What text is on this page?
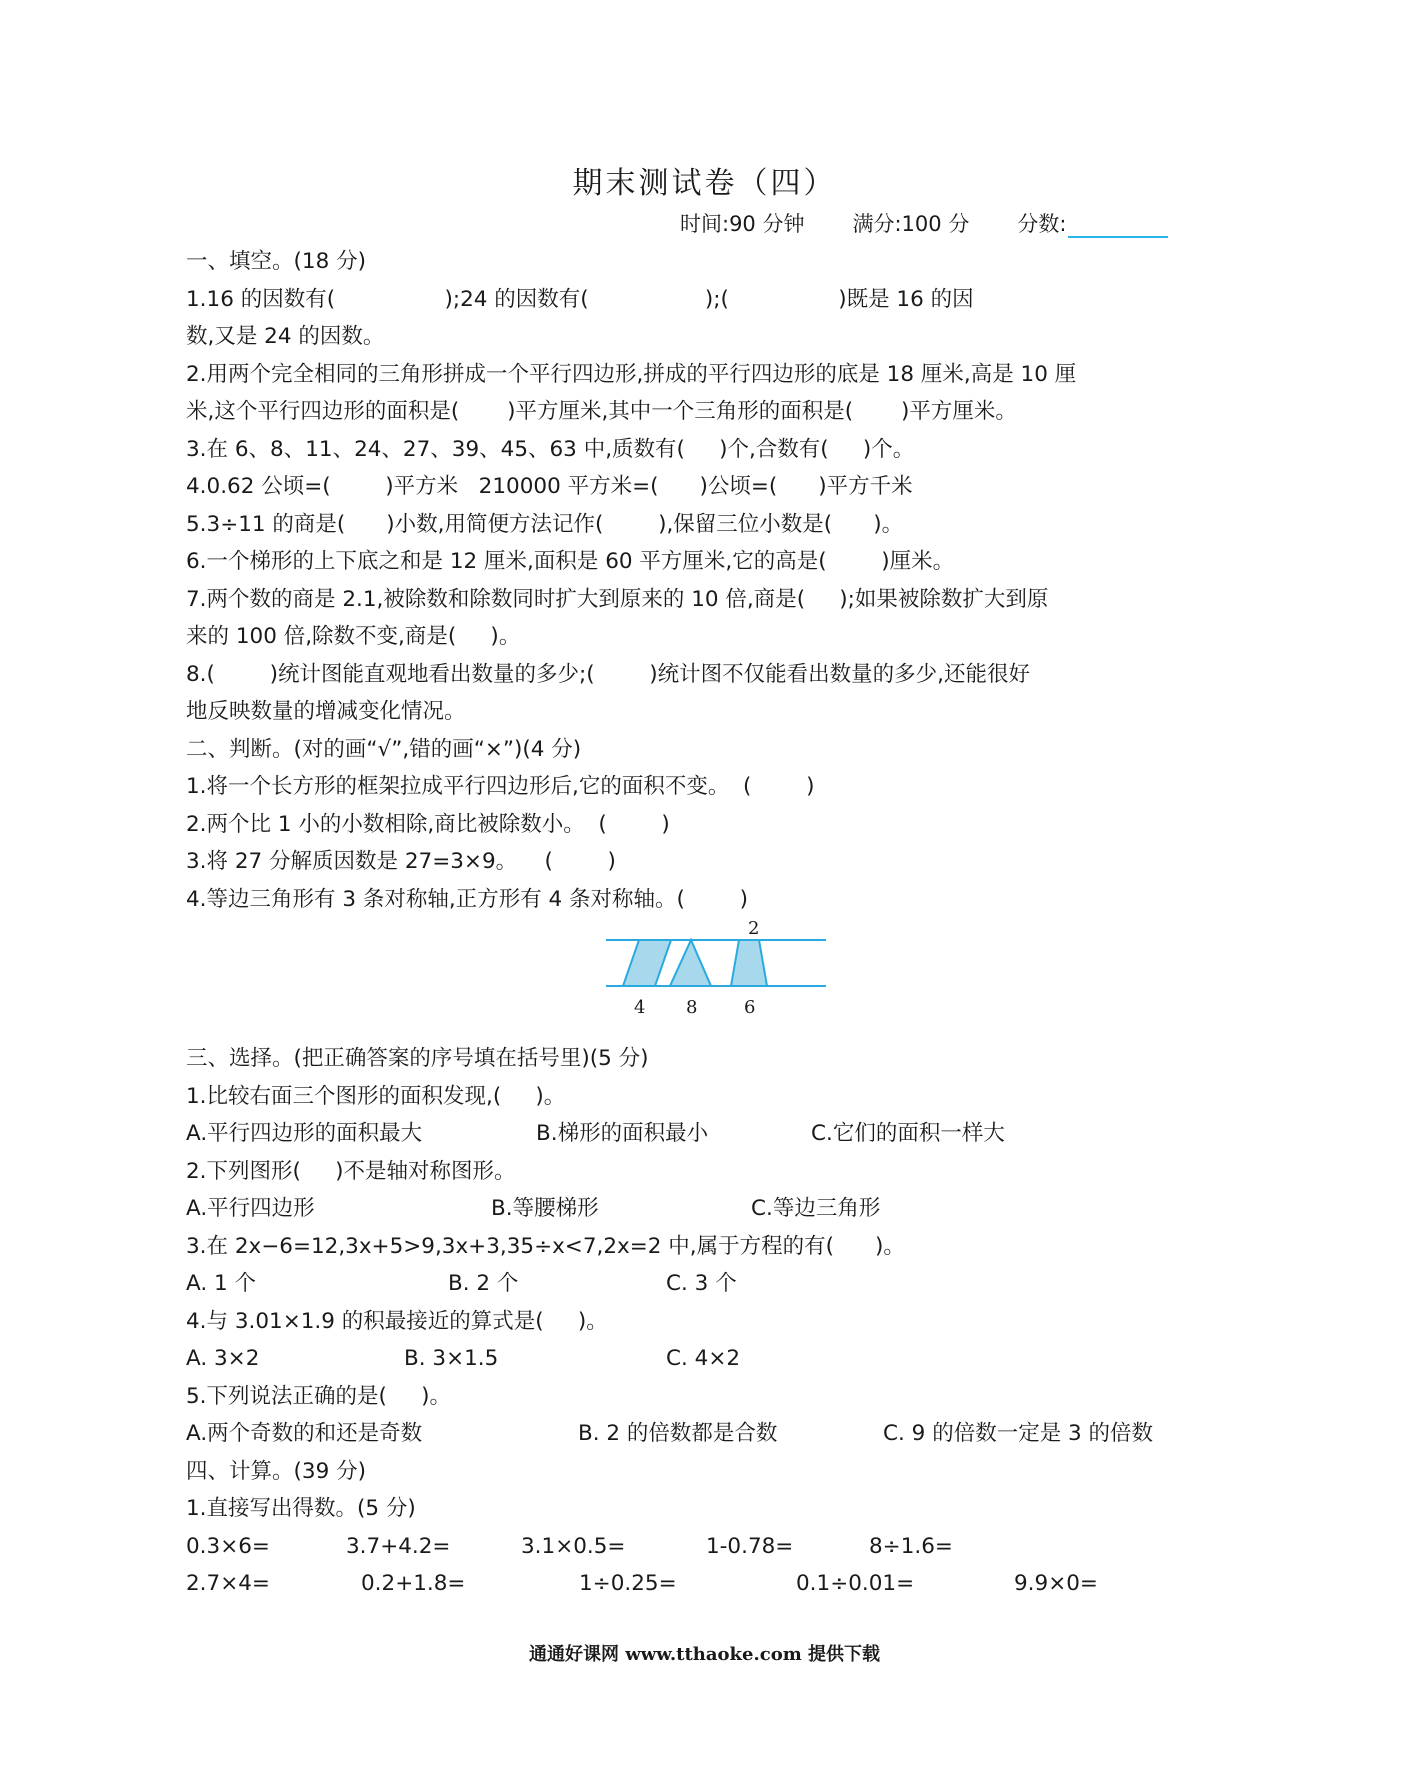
期末测试卷（四）
时间:90 分钟 满分:100 分 分数:
一、填空。(18 分)
1.16 的因数有(                );24 的因数有(                 );(                )既是 16 的因
数,又是 24 的因数。
2.用两个完全相同的三角形拼成一个平行四边形,拼成的平行四边形的底是 18 厘米,高是 10 厘
米,这个平行四边形的面积是(       )平方厘米,其中一个三角形的面积是(       )平方厘米。
3.在 6、8、11、24、27、39、45、63 中,质数有(     )个,合数有(     )个。
4.0.62 公顷=(        )平方米   210000 平方米=(      )公顷=(      )平方千米
5.3÷11 的商是(      )小数,用简便方法记作(        ),保留三位小数是(      )。
6.一个梯形的上下底之和是 12 厘米,面积是 60 平方厘米,它的高是(        )厘米。
7.两个数的商是 2.1,被除数和除数同时扩大到原来的 10 倍,商是(     );如果被除数扩大到原
来的 100 倍,除数不变,商是(     )。
8.(        )统计图能直观地看出数量的多少;(        )统计图不仅能看出数量的多少,还能很好
地反映数量的增减变化情况。
二、判断。(对的画“√”,错的画“×”)(4 分)
1.将一个长方形的框架拉成平行四边形后,它的面积不变。  (        )
2.两个比 1 小的小数相除,商比被除数小。  (        )
3.将 27 分解质因数是 27=3×9。    (        )
4.等边三角形有 3 条对称轴,正方形有 4 条对称轴。(        )
2
4 8	6
三、选择。(把正确答案的序号填在括号里)(5 分)
1.比较右面三个图形的面积发现,(     )。
A.平行四边形的面积最大	B.梯形的面积最小	C.它们的面积一样大
2.下列图形(     )不是轴对称图形。
A.平行四边形	B.等腰梯形	C.等边三角形
3.在 2x−6=12,3x+5>9,3x+3,35÷x<7,2x=2 中,属于方程的有(      )。
A. 1 个	B. 2 个	C. 3 个
4.与 3.01×1.9 的积最接近的算式是(     )。
A. 3×2	B. 3×1.5	C. 4×2
5.下列说法正确的是(     )。
A.两个奇数的和还是奇数	B. 2 的倍数都是合数	C. 9 的倍数一定是 3 的倍数
四、计算。(39 分)
1.直接写出得数。(5 分)
0.3×6=	3.7+4.2=	3.1×0.5=	1-0.78=	8÷1.6=
2.7×4=	0.2+1.8=	1÷0.25=	0.1÷0.01=	9.9×0=
通通好课网 www.tthaoke.com 提供下载
